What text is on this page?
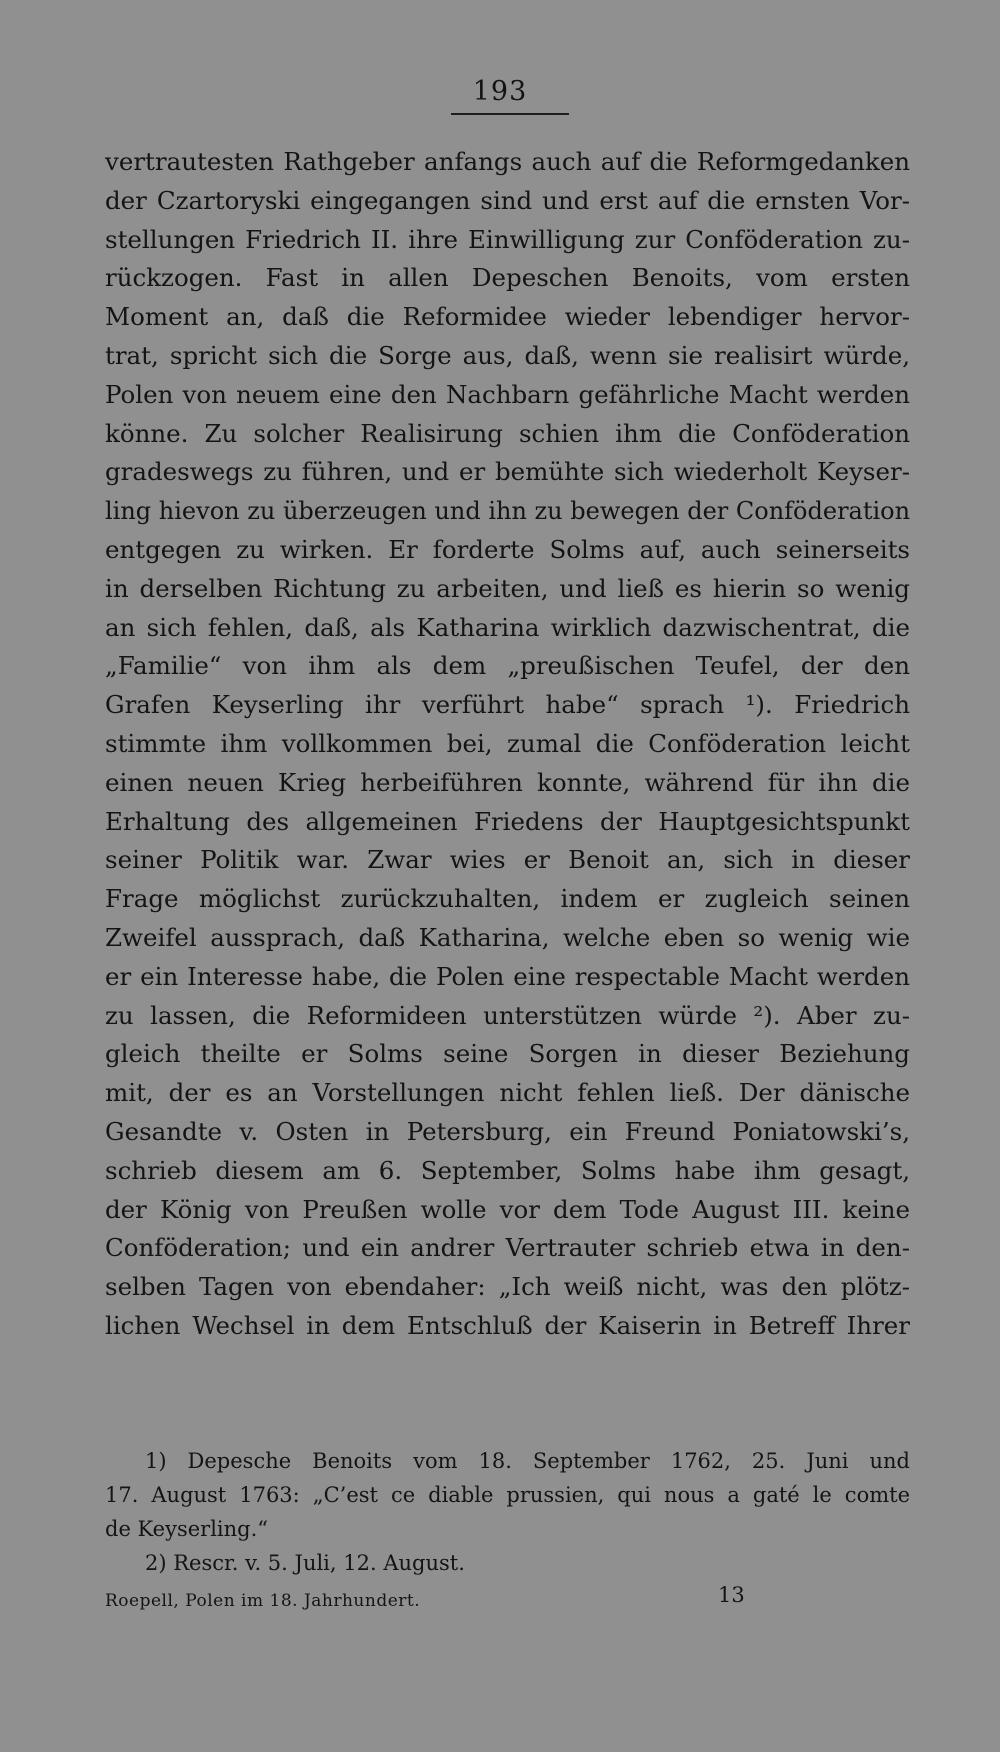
193
vertrautesten Rathgeber anfangs auch auf die Reformgedanken
der Czartoryski eingegangen sind und erst auf die ernsten Vor-
stellungen Friedrich II. ihre Einwilligung zur Conföderation zu-
rückzogen. Fast in allen Depeschen Benoits, vom ersten
Moment an, daß die Reformidee wieder lebendiger hervor-
trat, spricht sich die Sorge aus, daß, wenn sie realisirt würde,
Polen von neuem eine den Nachbarn gefährliche Macht werden
könne. Zu solcher Realisirung schien ihm die Conföderation
gradeswegs zu führen, und er bemühte sich wiederholt Keyser-
ling hievon zu überzeugen und ihn zu bewegen der Conföderation
entgegen zu wirken. Er forderte Solms auf, auch seinerseits
in derselben Richtung zu arbeiten, und ließ es hierin so wenig
an sich fehlen, daß, als Katharina wirklich dazwischentrat, die
„Familie“ von ihm als dem „preußischen Teufel, der den
Grafen Keyserling ihr verführt habe“ sprach ¹). Friedrich
stimmte ihm vollkommen bei, zumal die Conföderation leicht
einen neuen Krieg herbeiführen konnte, während für ihn die
Erhaltung des allgemeinen Friedens der Hauptgesichtspunkt
seiner Politik war. Zwar wies er Benoit an, sich in dieser
Frage möglichst zurückzuhalten, indem er zugleich seinen
Zweifel aussprach, daß Katharina, welche eben so wenig wie
er ein Interesse habe, die Polen eine respectable Macht werden
zu lassen, die Reformideen unterstützen würde ²). Aber zu-
gleich theilte er Solms seine Sorgen in dieser Beziehung
mit, der es an Vorstellungen nicht fehlen ließ. Der dänische
Gesandte v. Osten in Petersburg, ein Freund Poniatowski’s,
schrieb diesem am 6. September, Solms habe ihm gesagt,
der König von Preußen wolle vor dem Tode August III. keine
Conföderation; und ein andrer Vertrauter schrieb etwa in den-
selben Tagen von ebendaher: „Ich weiß nicht, was den plötz-
lichen Wechsel in dem Entschluß der Kaiserin in Betreff Ihrer
1) Depesche Benoits vom 18. September 1762, 25. Juni und
17. August 1763: „C’est ce diable prussien, qui nous a gaté le comte
de Keyserling.“
2) Rescr. v. 5. Juli, 12. August.
Roepell, Polen im 18. Jahrhundert.	13
